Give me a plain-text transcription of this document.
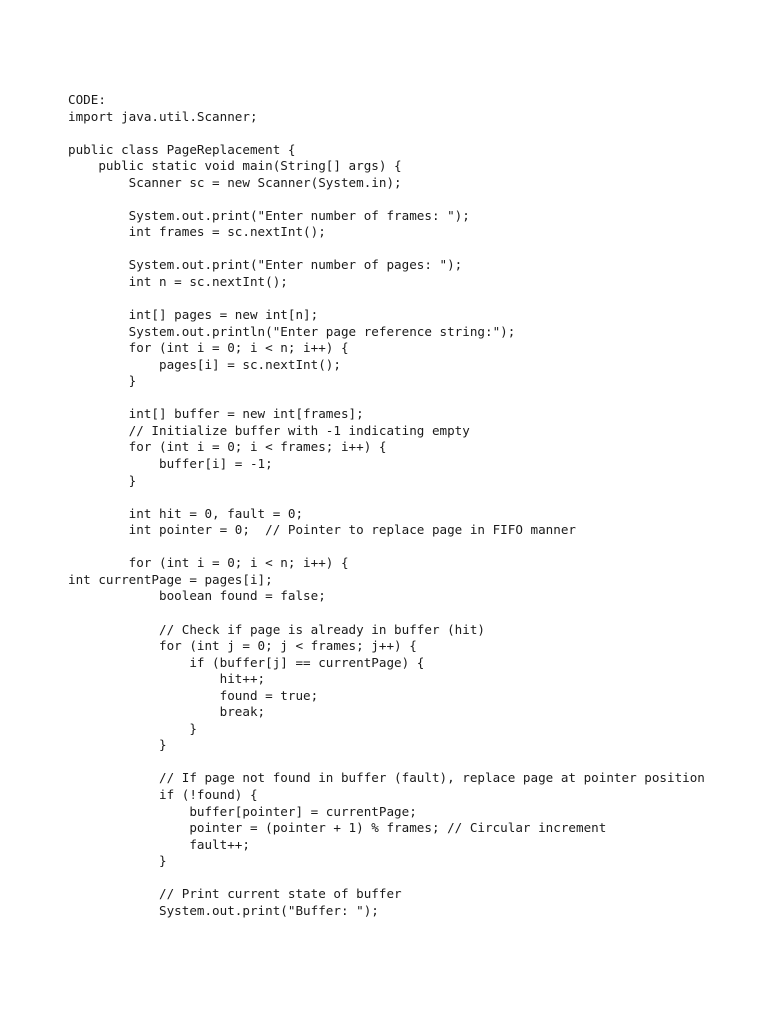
CODE:
import java.util.Scanner;
public class PageReplacement {
public static void main(String[] args) {
Scanner sc = new Scanner(System.in);
System.out.print("Enter number of frames: ");
int frames = sc.nextInt();
System.out.print("Enter number of pages: ");
int n = sc.nextInt();
int[] pages = new int[n];
System.out.println("Enter page reference string:");
for (int i = 0; i < n; i++) {
pages[i] = sc.nextInt();
}
int[] buffer = new int[frames];
// Initialize buffer with -1 indicating empty
for (int i = 0; i < frames; i++) {
buffer[i] = -1;
}
int hit = 0, fault = 0;
int pointer = 0;  // Pointer to replace page in FIFO manner
for (int i = 0; i < n; i++) {
int currentPage = pages[i];
boolean found = false;
// Check if page is already in buffer (hit)
for (int j = 0; j < frames; j++) {
if (buffer[j] == currentPage) {
hit++;
found = true;
break;
}
}
// If page not found in buffer (fault), replace page at pointer position
if (!found) {
buffer[pointer] = currentPage;
pointer = (pointer + 1) % frames; // Circular increment
fault++;
}
// Print current state of buffer
System.out.print("Buffer: ");
